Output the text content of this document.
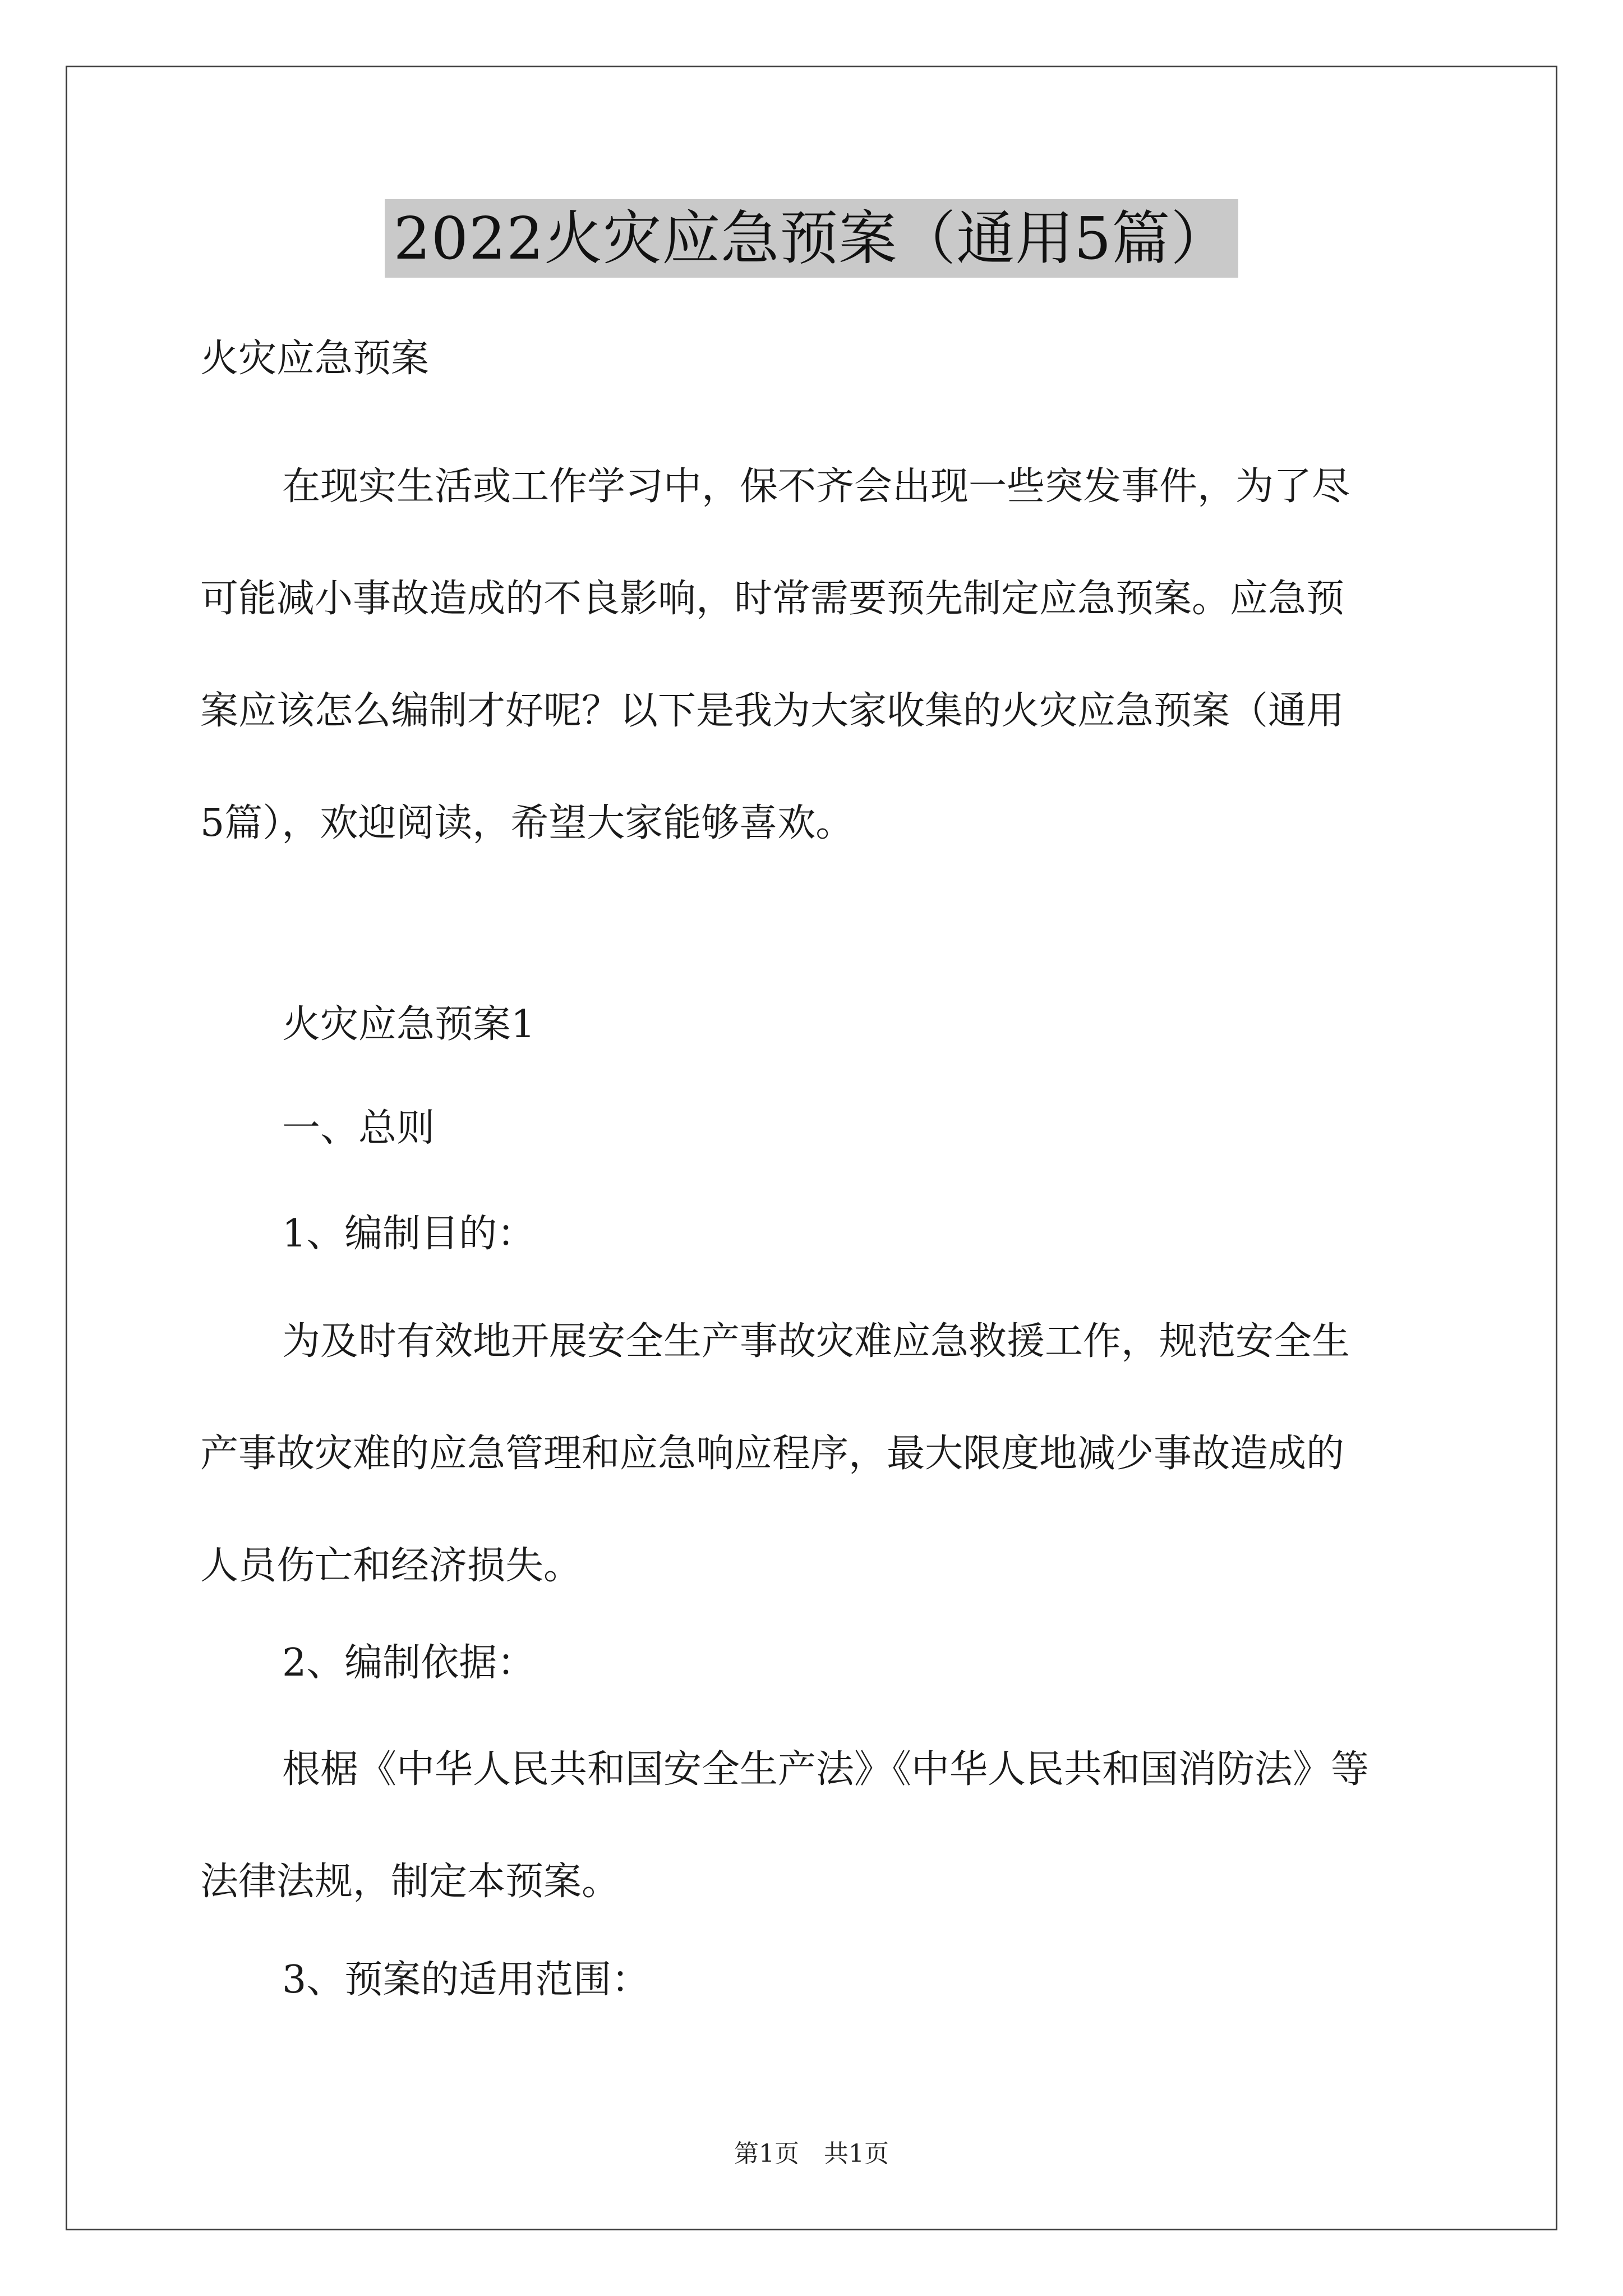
2022火灾应急预案（通用5篇）

火灾应急预案

在现实生活或工作学习中，保不齐会出现一些突发事件，为了尽
可能减小事故造成的不良影响，时常需要预先制定应急预案。应急预
案应该怎么编制才好呢？以下是我为大家收集的火灾应急预案（通用
5篇），欢迎阅读，希望大家能够喜欢。

火灾应急预案1

一、总则

1、编制目的：

为及时有效地开展安全生产事故灾难应急救援工作，规范安全生
产事故灾难的应急管理和应急响应程序，最大限度地减少事故造成的
人员伤亡和经济损失。

2、编制依据：

根椐《中华人民共和国安全生产法》《中华人民共和国消防法》等
法律法规，制定本预案。

3、预案的适用范围：

第1页　共1页
